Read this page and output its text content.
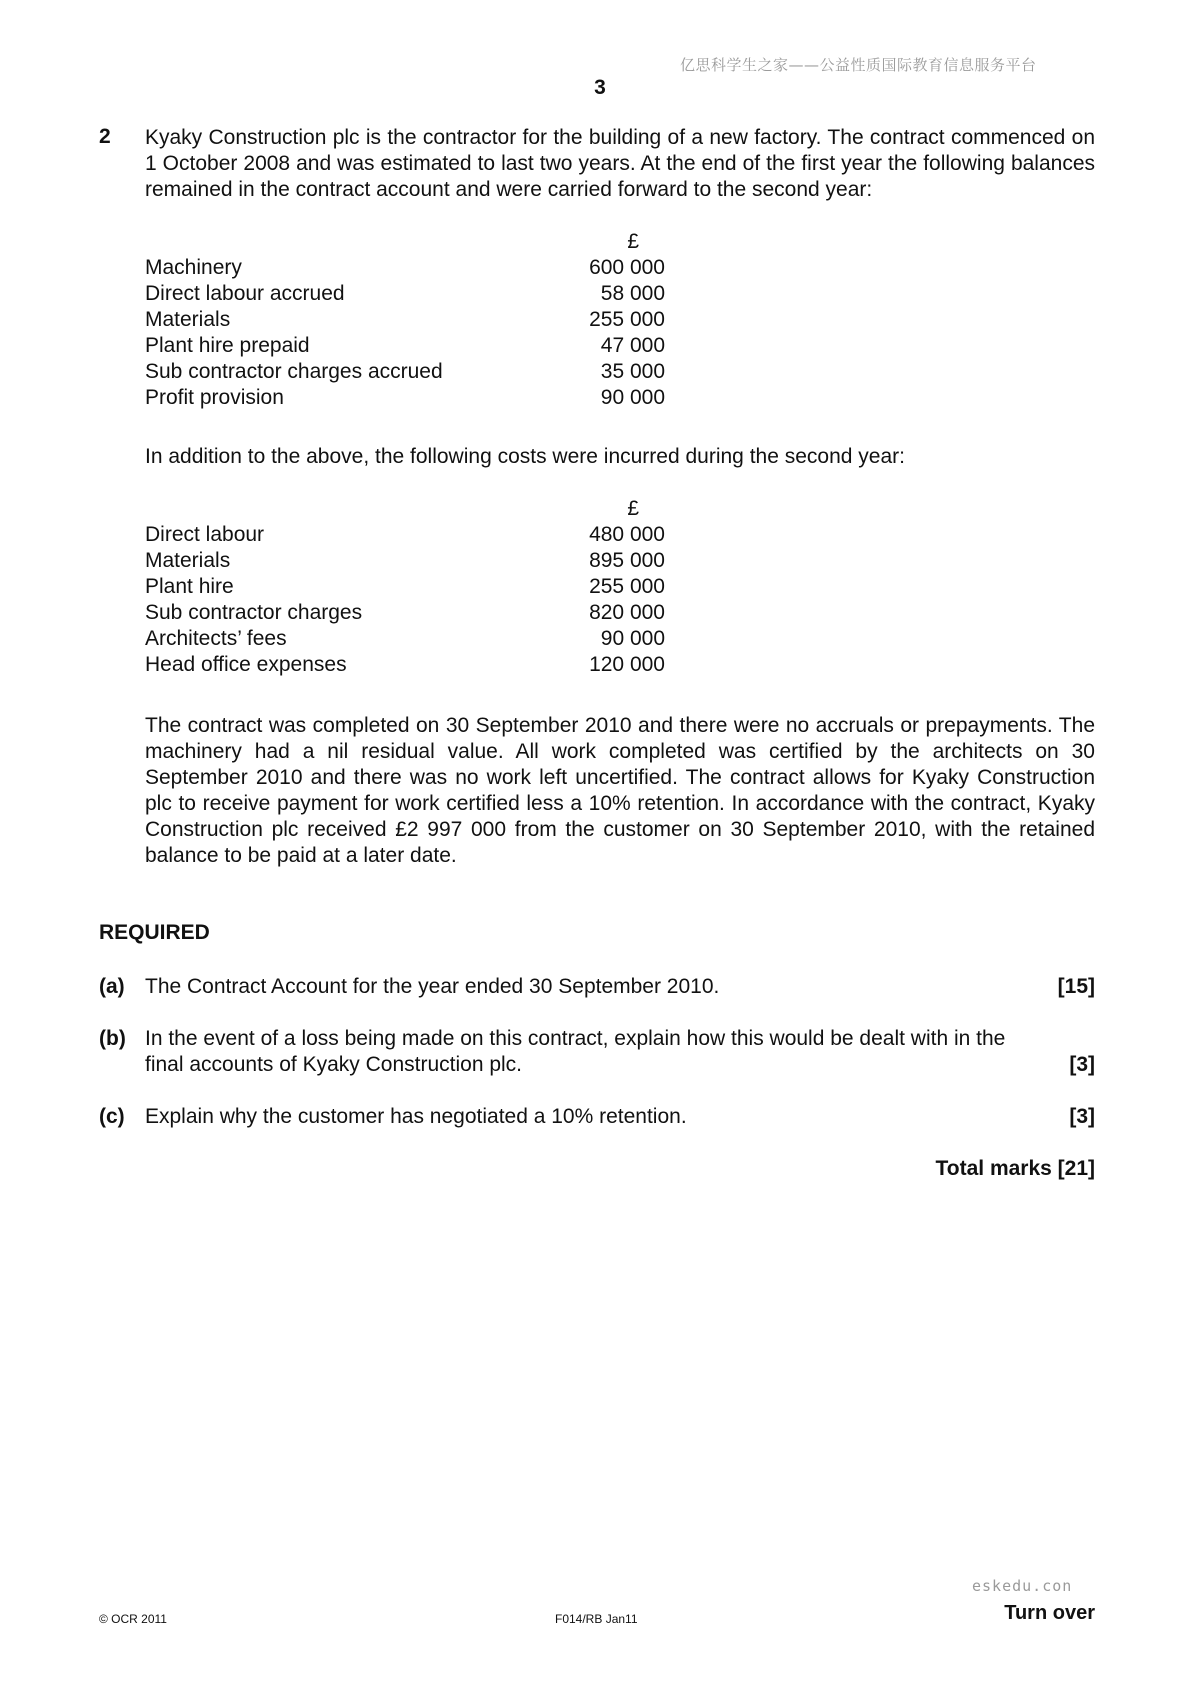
亿思科学生之家——公益性质国际教育信息服务平台
3
2 Kyaky Construction plc is the contractor for the building of a new factory. The contract commenced on 1 October 2008 and was estimated to last two years. At the end of the first year the following balances remained in the contract account and were carried forward to the second year:
£
Machinery	600 000
Direct labour accrued	58 000
Materials	255 000
Plant hire prepaid	47 000
Sub contractor charges accrued	35 000
Profit provision	90 000
In addition to the above, the following costs were incurred during the second year:
£
Direct labour	480 000
Materials	895 000
Plant hire	255 000
Sub contractor charges	820 000
Architects’ fees	90 000
Head office expenses	120 000
The contract was completed on 30 September 2010 and there were no accruals or prepayments. The machinery had a nil residual value. All work completed was certified by the architects on 30 September 2010 and there was no work left uncertified. The contract allows for Kyaky Construction plc to receive payment for work certified less a 10% retention. In accordance with the contract, Kyaky Construction plc received £2 997 000 from the customer on 30 September 2010, with the retained balance to be paid at a later date.
REQUIRED
(a) The Contract Account for the year ended 30 September 2010.	[15]
(b) In the event of a loss being made on this contract, explain how this would be dealt with in the final accounts of Kyaky Construction plc.	[3]
(c) Explain why the customer has negotiated a 10% retention.	[3]
Total marks [21]
eskedu.con
© OCR 2011	F014/RB Jan11	Turn over
